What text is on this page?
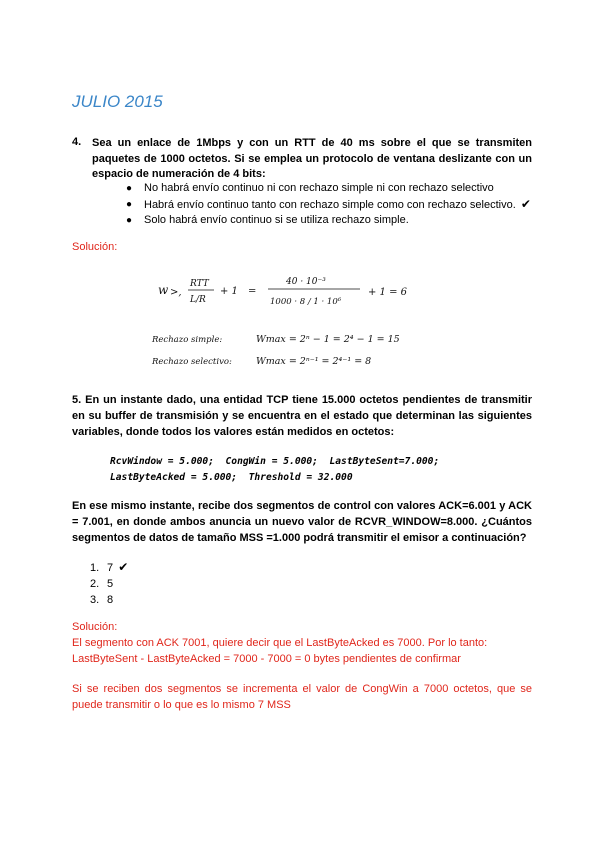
JULIO 2015
4. Sea un enlace de 1Mbps y con un RTT de 40 ms sobre el que se transmiten paquetes de 1000 octetos. Si se emplea un protocolo de ventana deslizante con un espacio de numeración de 4 bits:

● No habrá envío continuo ni con rechazo simple ni con rechazo selectivo
● Habrá envío continuo tanto con rechazo simple como con rechazo selectivo. ✔
● Solo habrá envío continuo si se utiliza rechazo simple.
Solución:
w >,
RTT
L/R
+ 1 =
40 · 10⁻³
1000 · 8 / 1 · 10⁶
+ 1 = 6
Rechazo simple:	Wmax = 2ⁿ − 1 = 2⁴ − 1 = 15
Rechazo selectivo:	Wmax = 2ⁿ⁻¹ = 2⁴⁻¹ = 8

5. En un instante dado, una entidad TCP tiene 15.000 octetos pendientes de transmitir en su buffer de transmisión y se encuentra en el estado que determinan las siguientes variables, donde todos los valores están medidos en octetos:

RcvWindow = 5.000;  CongWin = 5.000;  LastByteSent=7.000;
LastByteAcked = 5.000;  Threshold = 32.000

En ese mismo instante, recibe dos segmentos de control con valores ACK=6.001 y ACK = 7.001, en donde ambos anuncia un nuevo valor de RCVR_WINDOW=8.000. ¿Cuántos segmentos de datos de tamaño MSS =1.000 podrá transmitir el emisor a continuación?

1. 7 ✔
2. 5
3. 8
Solución:
El segmento con ACK 7001, quiere decir que el LastByteAcked es 7000. Por lo tanto:
LastByteSent - LastByteAcked = 7000 - 7000 = 0 bytes pendientes de confirmar

Si se reciben dos segmentos se incrementa el valor de CongWin a 7000 octetos, que se puede transmitir o lo que es lo mismo 7 MSS
